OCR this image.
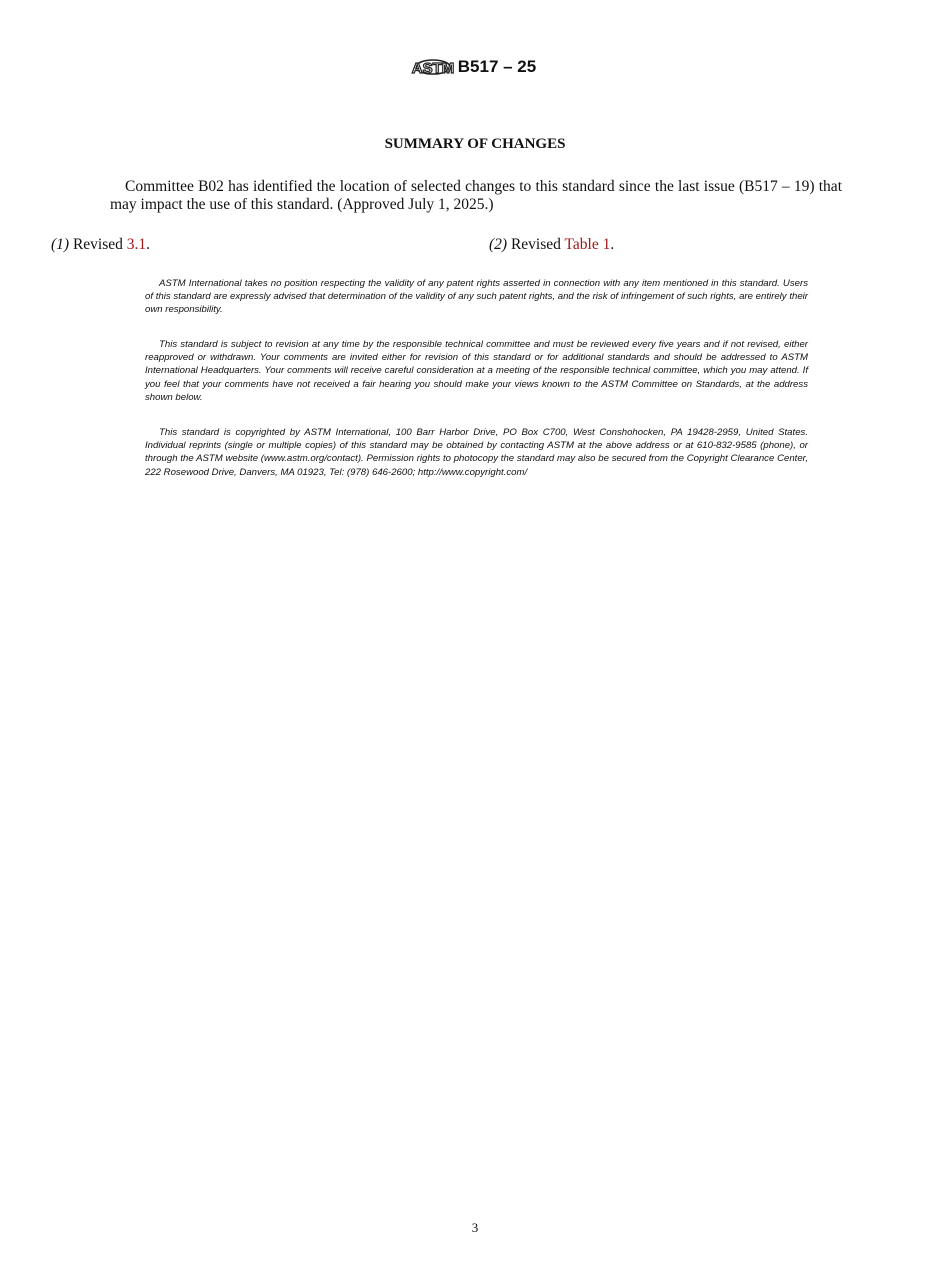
ASTM B517 – 25
SUMMARY OF CHANGES
Committee B02 has identified the location of selected changes to this standard since the last issue (B517 – 19) that may impact the use of this standard. (Approved July 1, 2025.)
(1) Revised 3.1.	(2) Revised Table 1.
ASTM International takes no position respecting the validity of any patent rights asserted in connection with any item mentioned in this standard. Users of this standard are expressly advised that determination of the validity of any such patent rights, and the risk of infringement of such rights, are entirely their own responsibility.
This standard is subject to revision at any time by the responsible technical committee and must be reviewed every five years and if not revised, either reapproved or withdrawn. Your comments are invited either for revision of this standard or for additional standards and should be addressed to ASTM International Headquarters. Your comments will receive careful consideration at a meeting of the responsible technical committee, which you may attend. If you feel that your comments have not received a fair hearing you should make your views known to the ASTM Committee on Standards, at the address shown below.
This standard is copyrighted by ASTM International, 100 Barr Harbor Drive, PO Box C700, West Conshohocken, PA 19428-2959, United States. Individual reprints (single or multiple copies) of this standard may be obtained by contacting ASTM at the above address or at 610-832-9585 (phone), or through the ASTM website (www.astm.org/contact). Permission rights to photocopy the standard may also be secured from the Copyright Clearance Center, 222 Rosewood Drive, Danvers, MA 01923, Tel: (978) 646-2600; http://www.copyright.com/
3
